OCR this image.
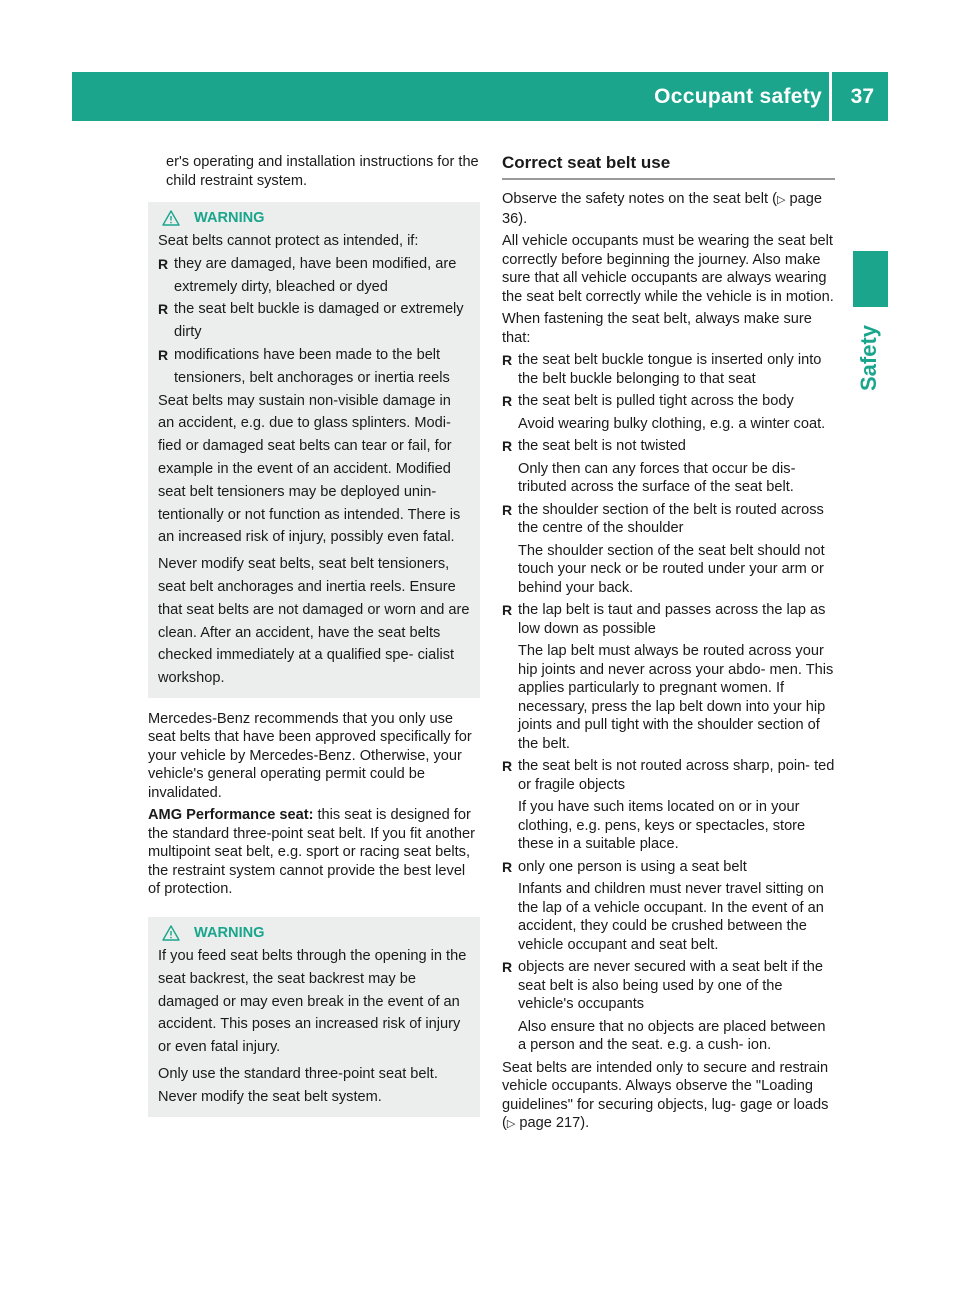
Occupant safety 37
Safety

er's operating and installation instructions for the child restraint system.

WARNING

Seat belts cannot protect as intended, if:

R they are damaged, have been modified, are extremely dirty, bleached or dyed
R the seat belt buckle is damaged or extremely dirty
R modifications have been made to the belt tensioners, belt anchorages or inertia reels

Seat belts may sustain non-visible damage in an accident, e.g. due to glass splinters. Modi- fied or damaged seat belts can tear or fail, for example in the event of an accident. Modified seat belt tensioners may be deployed unin- tentionally or not function as intended. There is an increased risk of injury, possibly even fatal.

Never modify seat belts, seat belt tensioners, seat belt anchorages and inertia reels. Ensure that seat belts are not damaged or worn and are clean. After an accident, have the seat belts checked immediately at a qualified spe- cialist workshop.

Mercedes-Benz recommends that you only use seat belts that have been approved specifically for your vehicle by Mercedes-Benz. Otherwise, your vehicle's general operating permit could be invalidated.

AMG Performance seat: this seat is designed for the standard three-point seat belt. If you fit another multipoint seat belt, e.g. sport or racing seat belts, the restraint system cannot provide the best level of protection.

WARNING

If you feed seat belts through the opening in the seat backrest, the seat backrest may be damaged or may even break in the event of an accident. This poses an increased risk of injury or even fatal injury.

Only use the standard three-point seat belt. Never modify the seat belt system.

Correct seat belt use

Observe the safety notes on the seat belt (▷ page 36).

All vehicle occupants must be wearing the seat belt correctly before beginning the journey. Also make sure that all vehicle occupants are always wearing the seat belt correctly while the vehicle is in motion.

When fastening the seat belt, always make sure that:

R the seat belt buckle tongue is inserted only into the belt buckle belonging to that seat
R the seat belt is pulled tight across the body
Avoid wearing bulky clothing, e.g. a winter coat.
R the seat belt is not twisted
Only then can any forces that occur be dis- tributed across the surface of the seat belt.
R the shoulder section of the belt is routed across the centre of the shoulder
The shoulder section of the seat belt should not touch your neck or be routed under your arm or behind your back.
R the lap belt is taut and passes across the lap as low down as possible
The lap belt must always be routed across your hip joints and never across your abdo- men. This applies particularly to pregnant women. If necessary, press the lap belt down into your hip joints and pull tight with the shoulder section of the belt.
R the seat belt is not routed across sharp, poin- ted or fragile objects
If you have such items located on or in your clothing, e.g. pens, keys or spectacles, store these in a suitable place.
R only one person is using a seat belt
Infants and children must never travel sitting on the lap of a vehicle occupant. In the event of an accident, they could be crushed between the vehicle occupant and seat belt.
R objects are never secured with a seat belt if the seat belt is also being used by one of the vehicle's occupants
Also ensure that no objects are placed between a person and the seat. e.g. a cush- ion.

Seat belts are intended only to secure and restrain vehicle occupants. Always observe the "Loading guidelines" for securing objects, lug- gage or loads (▷ page 217).
